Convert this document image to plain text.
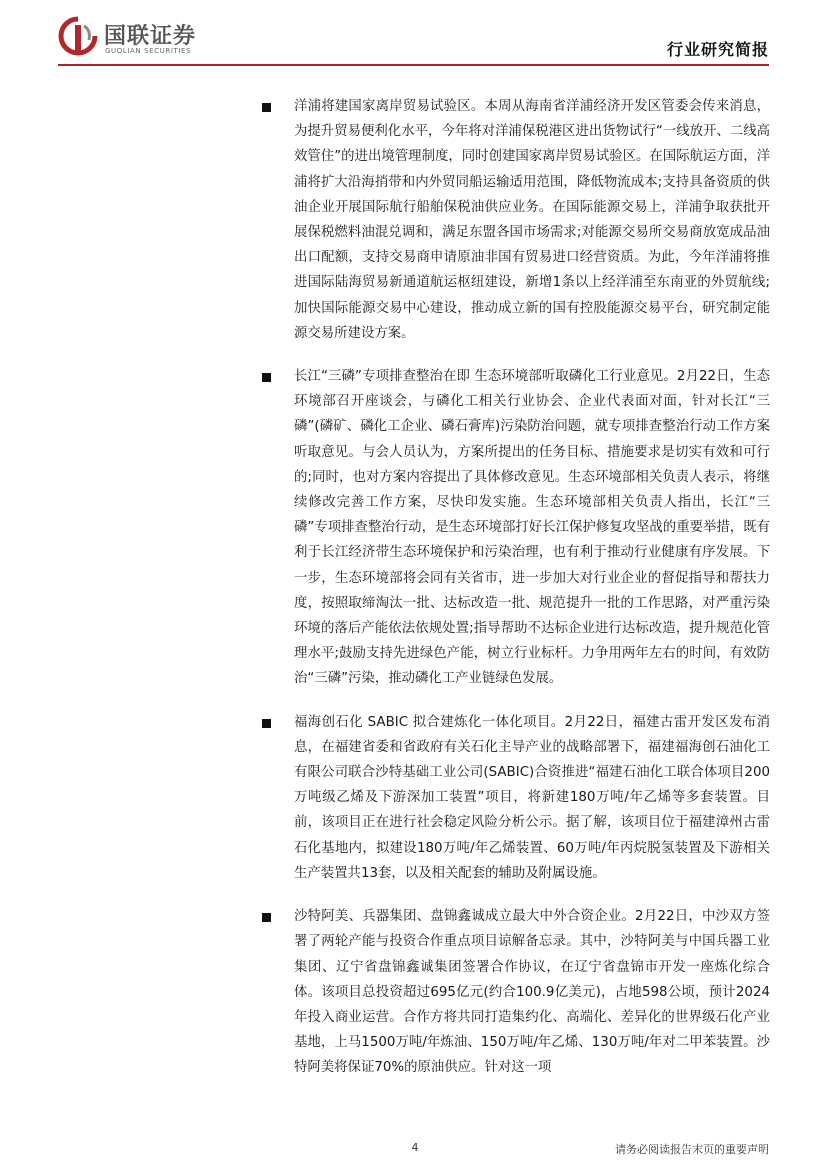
国联证券
GUOLIAN SECURITIES	行业研究简报

洋浦将建国家离岸贸易试验区。本周从海南省洋浦经济开发区管委会传来消息，为提升贸易便利化水平，今年将对洋浦保税港区进出货物试行“一线放开、二线高效管住”的进出境管理制度，同时创建国家离岸贸易试验区。在国际航运方面，洋浦将扩大沿海捎带和内外贸同船运输适用范围，降低物流成本;支持具备资质的供油企业开展国际航行船舶保税油供应业务。在国际能源交易上，洋浦争取获批开展保税燃料油混兑调和，满足东盟各国市场需求;对能源交易所交易商放宽成品油出口配额，支持交易商申请原油非国有贸易进口经营资质。为此，今年洋浦将推进国际陆海贸易新通道航运枢纽建设，新增1条以上经洋浦至东南亚的外贸航线;加快国际能源交易中心建设，推动成立新的国有控股能源交易平台，研究制定能源交易所建设方案。

长江“三磷”专项排查整治在即 生态环境部听取磷化工行业意见。2月22日，生态环境部召开座谈会，与磷化工相关行业协会、企业代表面对面，针对长江“三磷”(磷矿、磷化工企业、磷石膏库)污染防治问题，就专项排查整治行动工作方案听取意见。与会人员认为，方案所提出的任务目标、措施要求是切实有效和可行的;同时，也对方案内容提出了具体修改意见。生态环境部相关负责人表示，将继续修改完善工作方案，尽快印发实施。生态环境部相关负责人指出，长江“三磷”专项排查整治行动，是生态环境部打好长江保护修复攻坚战的重要举措，既有利于长江经济带生态环境保护和污染治理，也有利于推动行业健康有序发展。下一步，生态环境部将会同有关省市，进一步加大对行业企业的督促指导和帮扶力度，按照取缔淘汰一批、达标改造一批、规范提升一批的工作思路，对严重污染环境的落后产能依法依规处置;指导帮助不达标企业进行达标改造，提升规范化管理水平;鼓励支持先进绿色产能，树立行业标杆。力争用两年左右的时间，有效防治“三磷”污染，推动磷化工产业链绿色发展。

福海创石化 SABIC 拟合建炼化一体化项目。2月22日，福建古雷开发区发布消息，在福建省委和省政府有关石化主导产业的战略部署下，福建福海创石油化工有限公司联合沙特基础工业公司(SABIC)合资推进“福建石油化工联合体项目200万吨级乙烯及下游深加工装置”项目，将新建180万吨/年乙烯等多套装置。目前，该项目正在进行社会稳定风险分析公示。据了解，该项目位于福建漳州古雷石化基地内，拟建设180万吨/年乙烯装置、60万吨/年丙烷脱氢装置及下游相关生产装置共13套，以及相关配套的辅助及附属设施。

沙特阿美、兵器集团、盘锦鑫诚成立最大中外合资企业。2月22日，中沙双方签署了两轮产能与投资合作重点项目谅解备忘录。其中，沙特阿美与中国兵器工业集团、辽宁省盘锦鑫诚集团签署合作协议，在辽宁省盘锦市开发一座炼化综合体。该项目总投资超过695亿元(约合100.9亿美元)，占地598公顷，预计2024年投入商业运营。合作方将共同打造集约化、高端化、差异化的世界级石化产业基地，上马1500万吨/年炼油、150万吨/年乙烯、130万吨/年对二甲苯装置。沙特阿美将保证70%的原油供应。针对这一项

4	请务必阅读报告末页的重要声明
